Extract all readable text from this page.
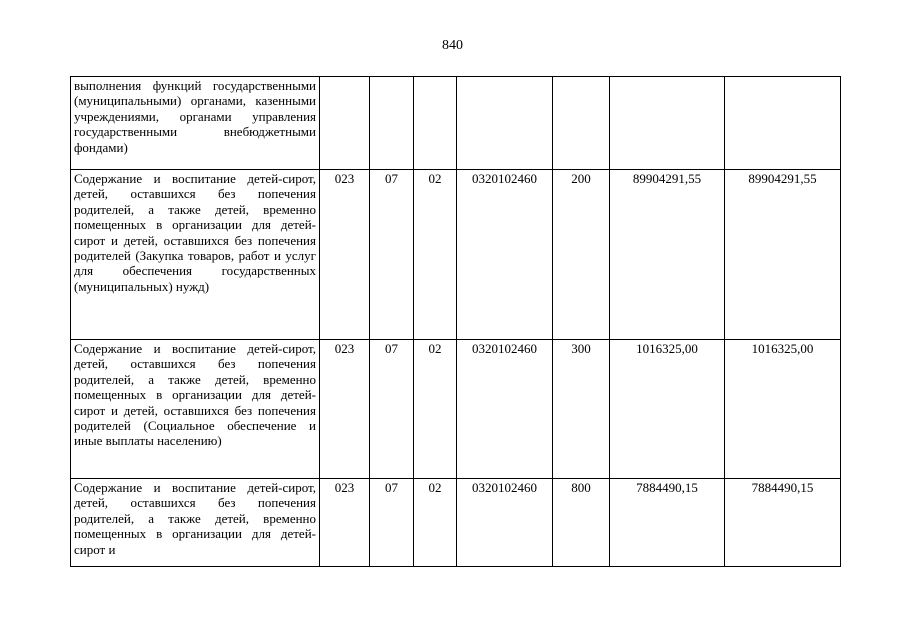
840
выполнения функций государственными (муниципальными) органами, казенными учреждениями, органами управления государственными внебюджетными фондами)							
Содержание и воспитание детей-сирот, детей, оставшихся без попечения родителей, а также детей, временно помещенных в организации для детей-сирот и детей, оставшихся без попечения родителей (Закупка товаров, работ и услуг для обеспечения государственных (муниципальных) нужд)	023	07	02	0320102460	200	89904291,55	89904291,55
Содержание и воспитание детей-сирот, детей, оставшихся без попечения родителей, а также детей, временно помещенных в организации для детей-сирот и детей, оставшихся без попечения родителей (Социальное обеспечение и иные выплаты населению)	023	07	02	0320102460	300	1016325,00	1016325,00
Содержание и воспитание детей-сирот, детей, оставшихся без попечения родителей, а также детей, временно помещенных в организации для детей-сирот и	023	07	02	0320102460	800	7884490,15	7884490,15
